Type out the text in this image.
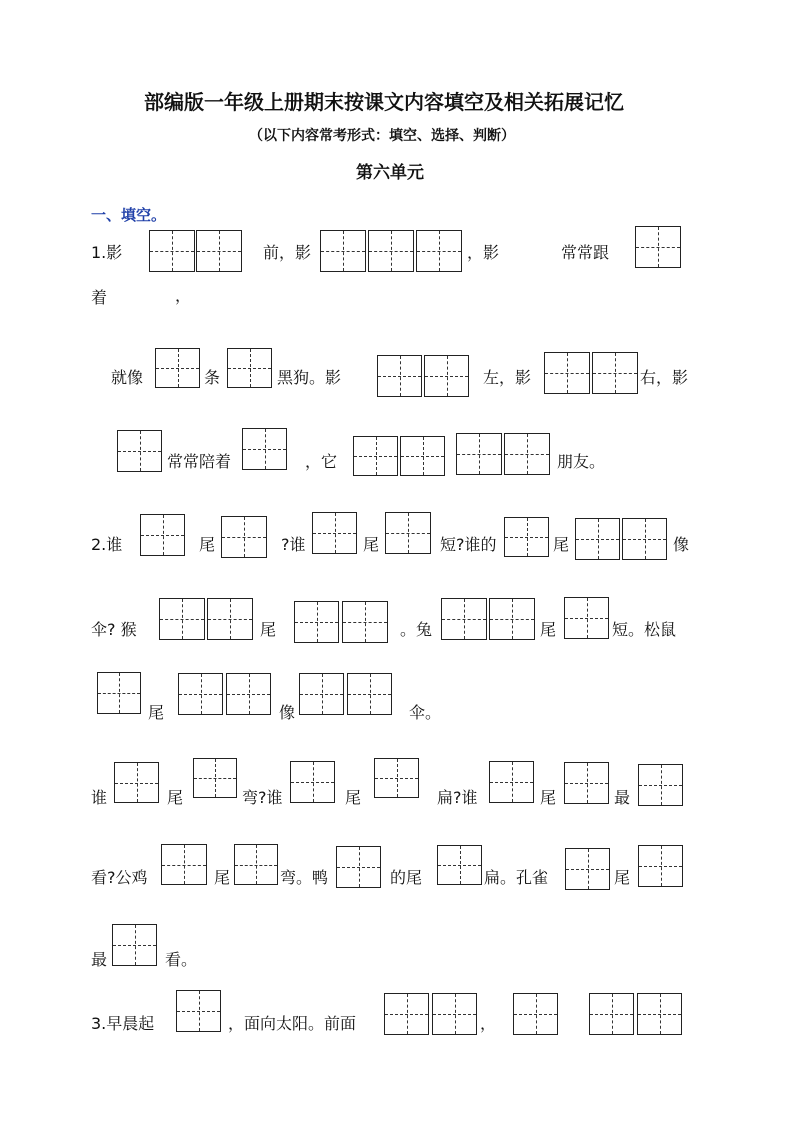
部编版一年级上册期末按课文内容填空及相关拓展记忆
（以下内容常考形式：填空、选择、判断）
第六单元
一、填空。
1.影	前，影	，影	常常跟
着	，
就像	条	黑狗。影	左，影	右，影
常常陪着	，它	朋友。
2.谁	尾	?谁	尾	短?谁的	尾	像
伞? 猴	尾	。兔	尾	短。松鼠
尾	像	伞。
谁	尾	弯?谁	尾	扁?谁	尾	最
看?公鸡	尾	弯。鸭	的尾	扁。孔雀	尾
最	看。
3.早晨起	，面向太阳。前面	，
